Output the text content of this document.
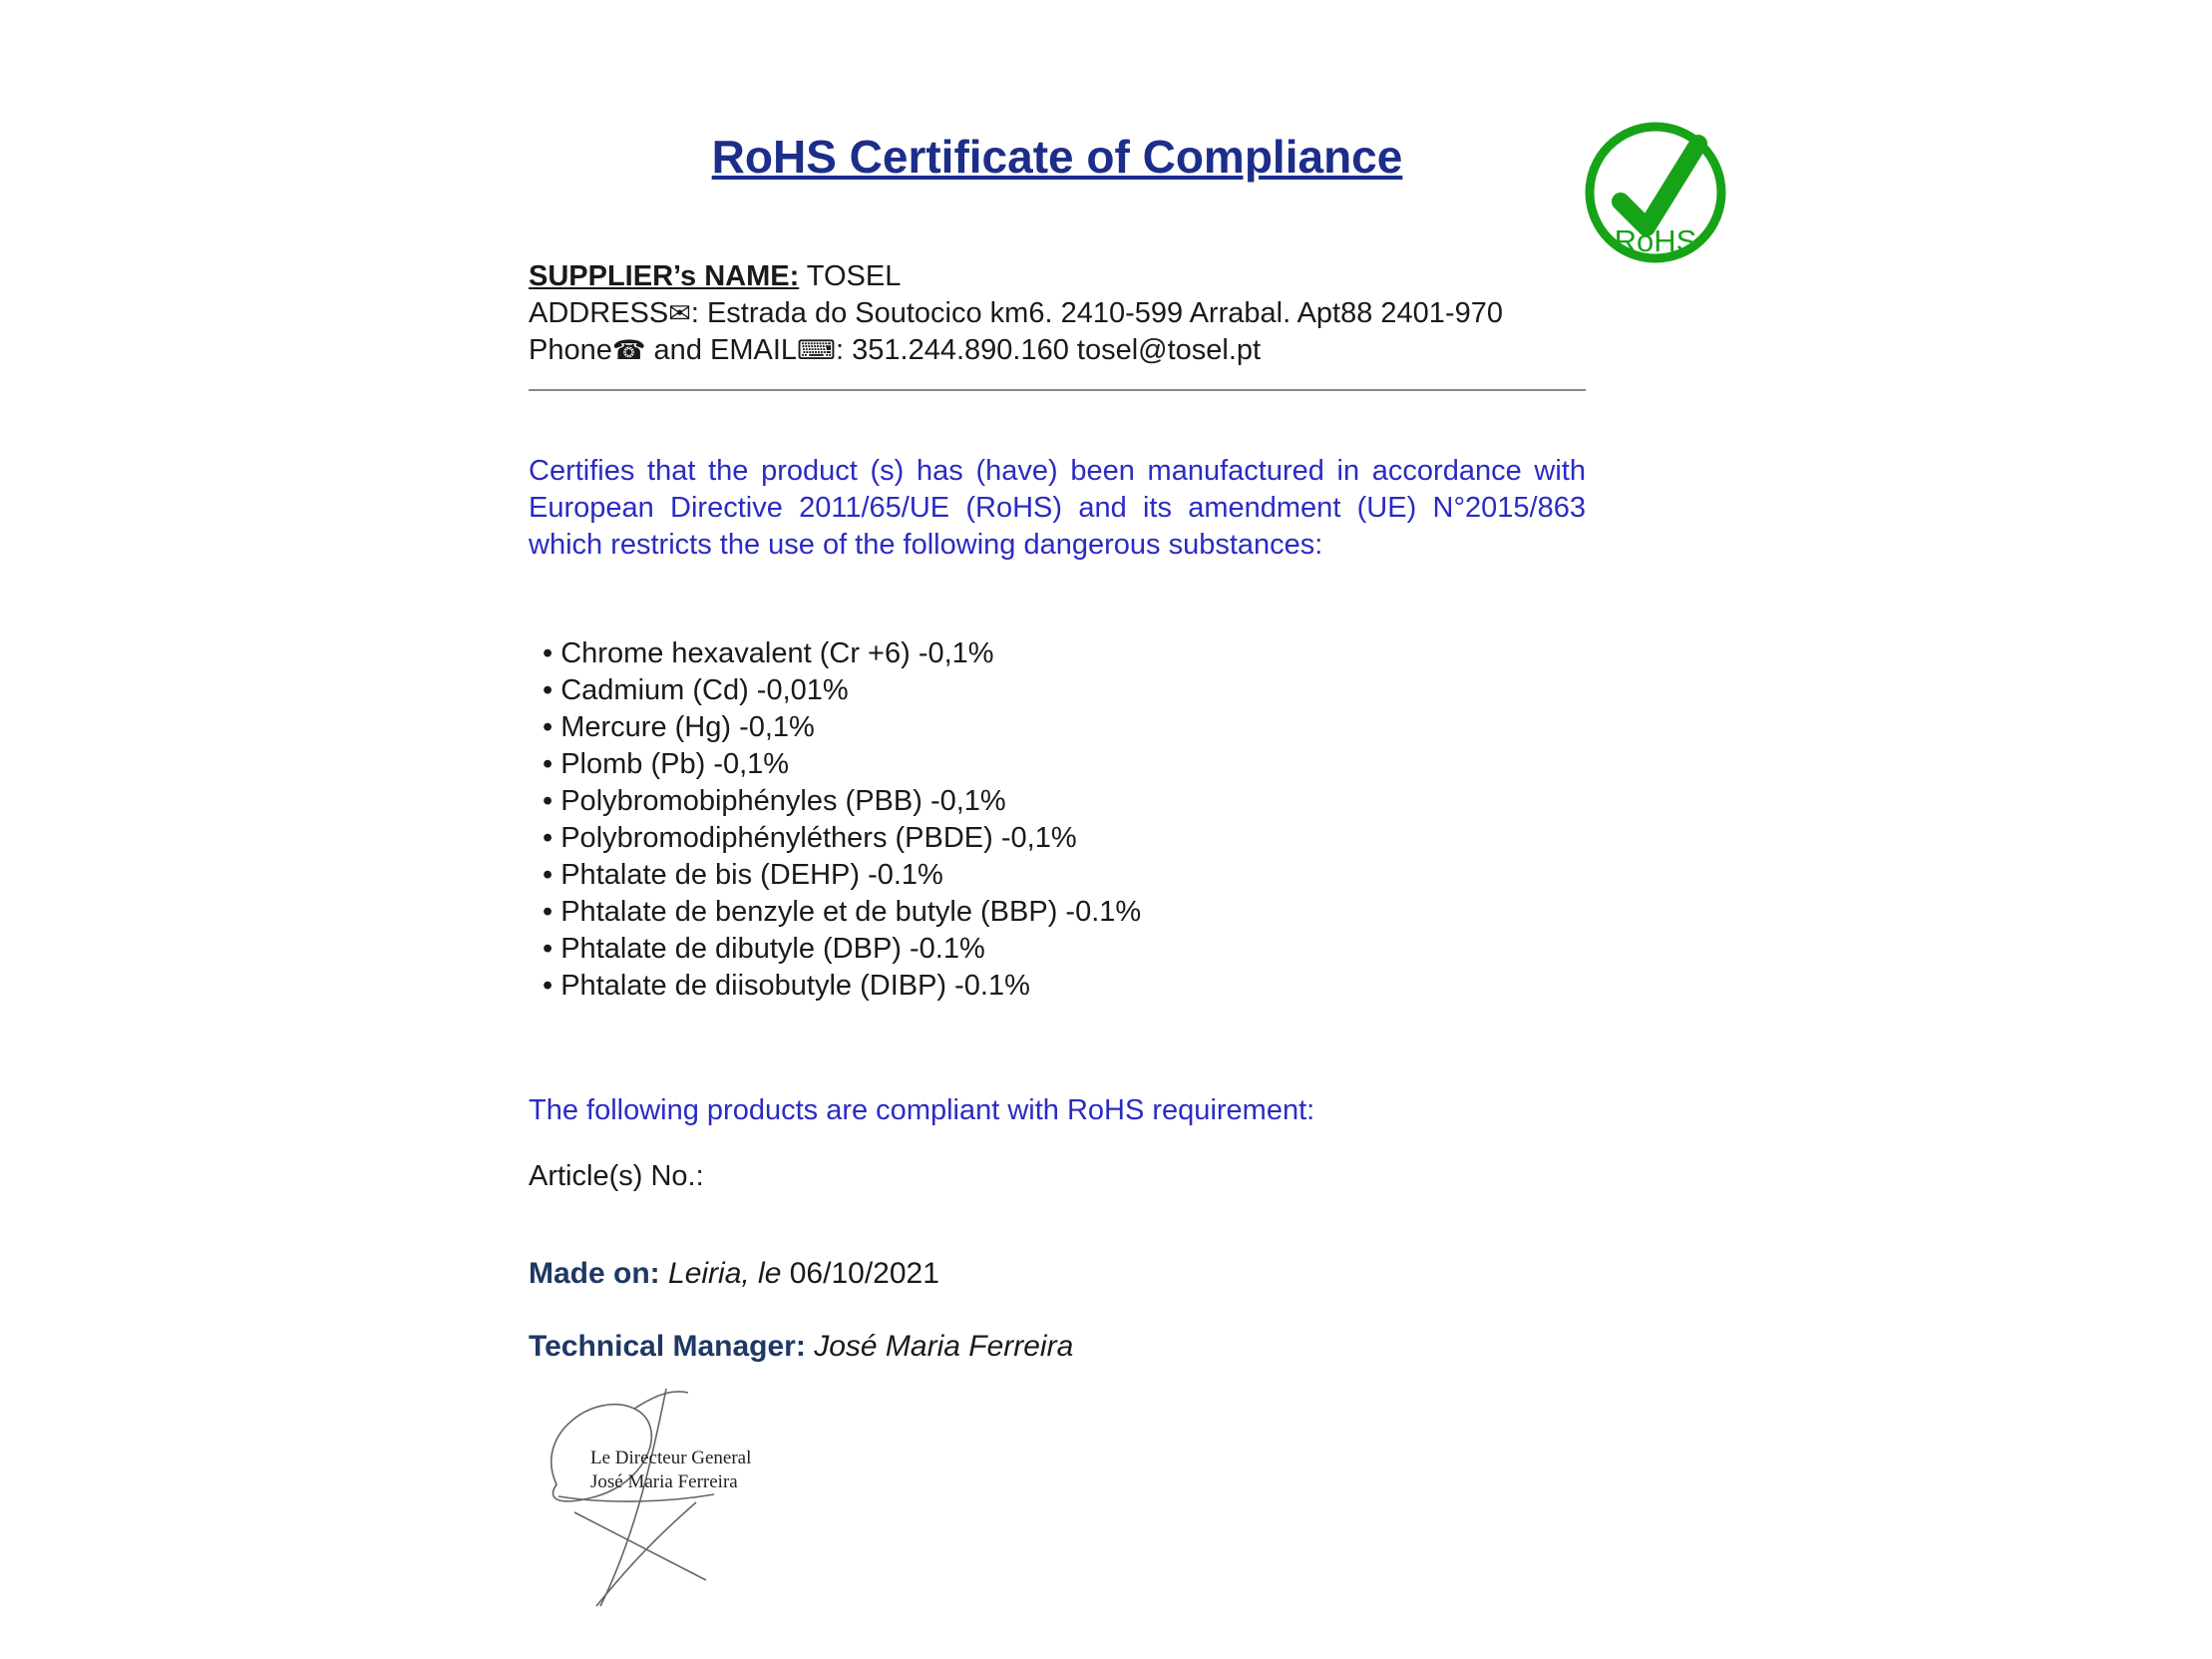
RoHS
RoHS Certificate of Compliance
SUPPLIER’s NAME: TOSEL
ADDRESS✉: Estrada do Soutocico km6. 2410-599 Arrabal. Apt88 2401-970
Phone☎ and EMAIL⌨: 351.244.890.160 tosel@tosel.pt

Certifies that the product (s) has (have) been manufactured in accordance with European Directive 2011/65/UE (RoHS) and its amendment (UE) N°2015/863 which restricts the use of the following dangerous substances:

• Chrome hexavalent (Cr +6) -0,1%
• Cadmium (Cd) -0,01%
• Mercure (Hg) -0,1%
• Plomb (Pb) -0,1%
• Polybromobiphényles (PBB) -0,1%
• Polybromodiphényléthers (PBDE) -0,1%
• Phtalate de bis (DEHP) -0.1%
• Phtalate de benzyle et de butyle (BBP) -0.1%
• Phtalate de dibutyle (DBP) -0.1%
• Phtalate de diisobutyle (DIBP) -0.1%

The following products are compliant with RoHS requirement:

Article(s) No.:

Made on: Leiria, le 06/10/2021
Technical Manager: José Maria Ferreira
Le Directeur General
José Maria Ferreira
